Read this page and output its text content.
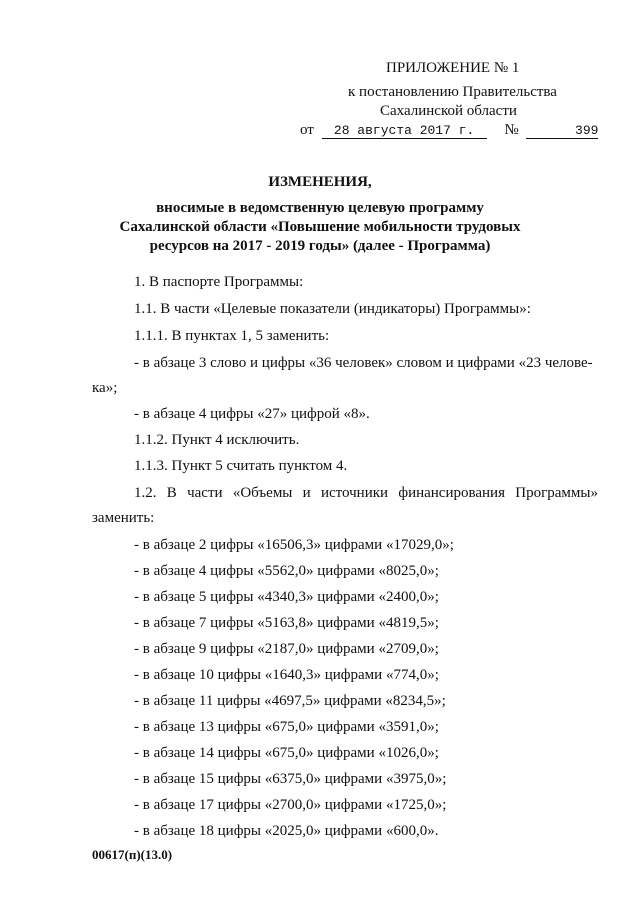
ПРИЛОЖЕНИЕ № 1
к постановлению Правительства
Сахалинской области
от 28 августа 2017 г. №	399
ИЗМЕНЕНИЯ,
вносимые в ведомственную целевую программу
Сахалинской области «Повышение мобильности трудовых
ресурсов на 2017 - 2019 годы» (далее - Программа)
1. В паспорте Программы:
1.1. В части «Целевые показатели (индикаторы) Программы»:
1.1.1. В пунктах 1, 5 заменить:
- в абзаце 3 слово и цифры «36 человек» словом и цифрами «23 челове-
ка»;
- в абзаце 4 цифры «27» цифрой «8».
1.1.2. Пункт 4 исключить.
1.1.3. Пункт 5 считать пунктом 4.
1.2. В части «Объемы и источники финансирования Программы»
заменить:
- в абзаце 2 цифры «16506,3» цифрами «17029,0»;
- в абзаце 4 цифры «5562,0» цифрами «8025,0»;
- в абзаце 5 цифры «4340,3» цифрами «2400,0»;
- в абзаце 7 цифры «5163,8» цифрами «4819,5»;
- в абзаце 9 цифры «2187,0» цифрами «2709,0»;
- в абзаце 10 цифры «1640,3» цифрами «774,0»;
- в абзаце 11 цифры «4697,5» цифрами «8234,5»;
- в абзаце 13 цифры «675,0» цифрами «3591,0»;
- в абзаце 14 цифры «675,0» цифрами «1026,0»;
- в абзаце 15 цифры «6375,0» цифрами «3975,0»;
- в абзаце 17 цифры «2700,0» цифрами «1725,0»;
- в абзаце 18 цифры «2025,0» цифрами «600,0».
00617(п)(13.0)
